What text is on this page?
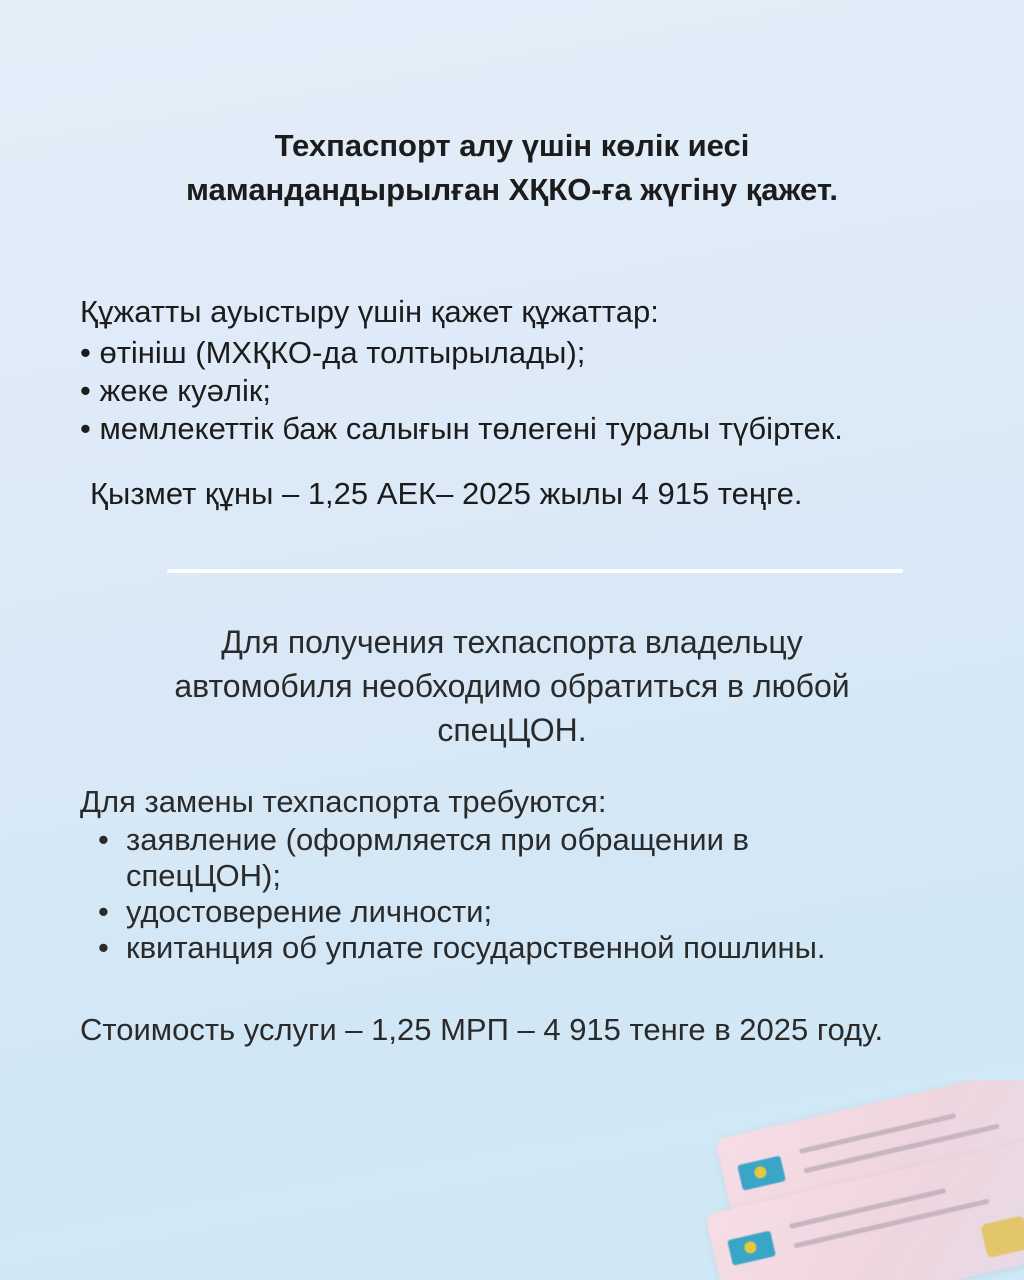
Техпаспорт алу үшін көлік иесі
мамандандырылған ХҚКО-ға жүгіну қажет.

Құжатты ауыстыру үшін қажет құжаттар:

• өтініш (МХҚКО-да толтырылады);
• жеке куәлік;
• мемлекеттік баж салығын төлегені туралы түбіртек.

Қызмет құны – 1,25 АЕК– 2025 жылы 4 915 теңге.

Для получения техпаспорта владельцу
автомобиля необходимо обратиться в любой
спецЦОН.

Для замены техпаспорта требуются:

• заявление (оформляется при обращении в спецЦОН);
• удостоверение личности;
• квитанция об уплате государственной пошлины.

Стоимость услуги – 1,25 МРП – 4 915 тенге в 2025 году.
